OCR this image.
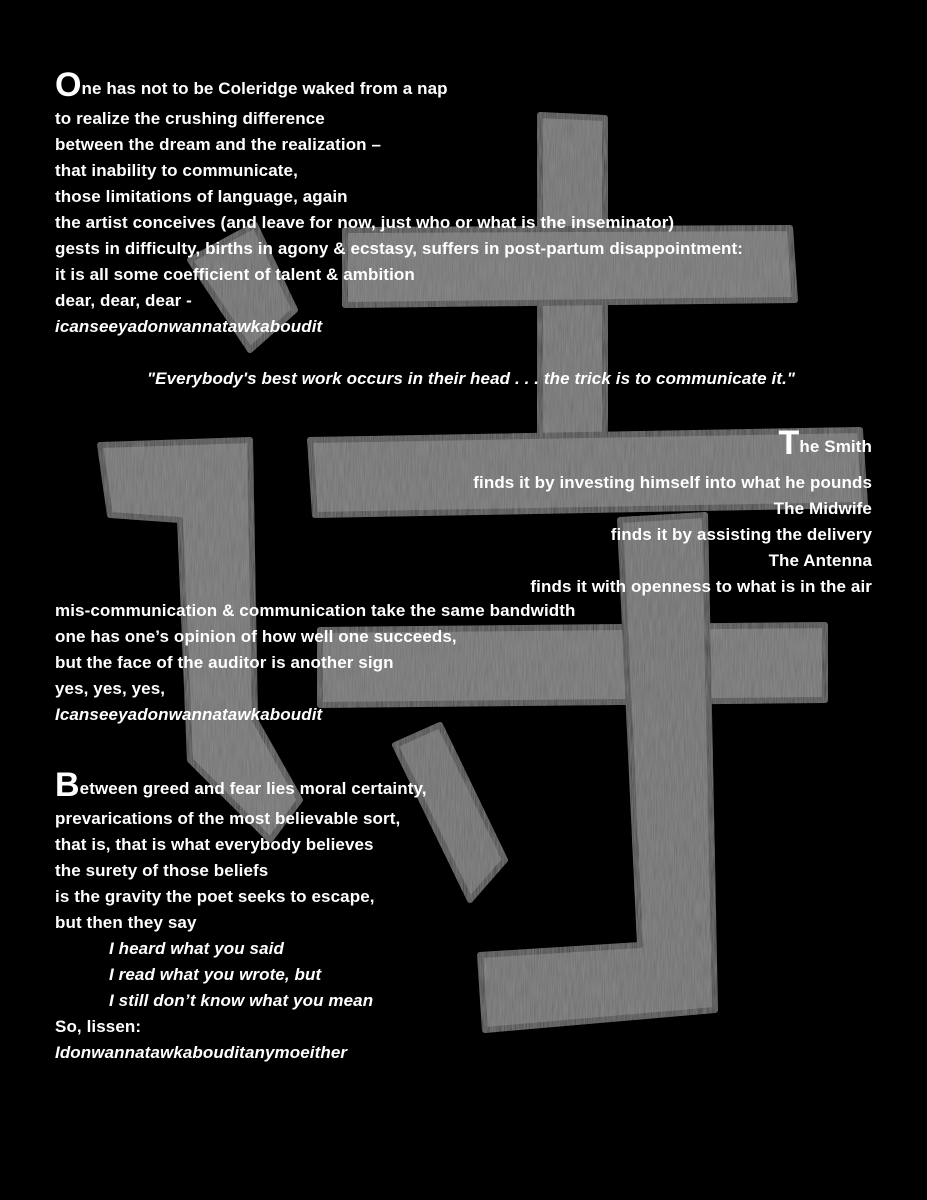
One has not to be Coleridge waked from a nap
to realize the crushing difference
between the dream and the realization –
that inability to communicate,
those limitations of language, again
the artist conceives (and leave for now, just who or what is the inseminator)
gests in difficulty, births in agony & ecstasy, suffers in post-partum disappointment:
it is all some coefficient of talent & ambition
dear, dear, dear -
icanseeyadonwannatawkaboudit
"Everybody's best work occurs in their head . . . the trick is to communicate it."
The Smith
finds it by investing himself into what he pounds
The Midwife
finds it by assisting the delivery
The Antenna
finds it with openness to what is in the air
mis-communication & communication take the same bandwidth
one has one’s opinion of how well one succeeds,
but the face of the auditor is another sign
yes, yes, yes,
Icanseeyadonwannatawkaboudit
Between greed and fear lies moral certainty,
prevarications of the most believable sort,
that is, that is what everybody believes
the surety of those beliefs
is the gravity the poet seeks to escape,
but then they say
I heard what you said
I read what you wrote, but
I still don’t know what you mean
So, lissen:
Idonwannatawkabouditanymoeither
